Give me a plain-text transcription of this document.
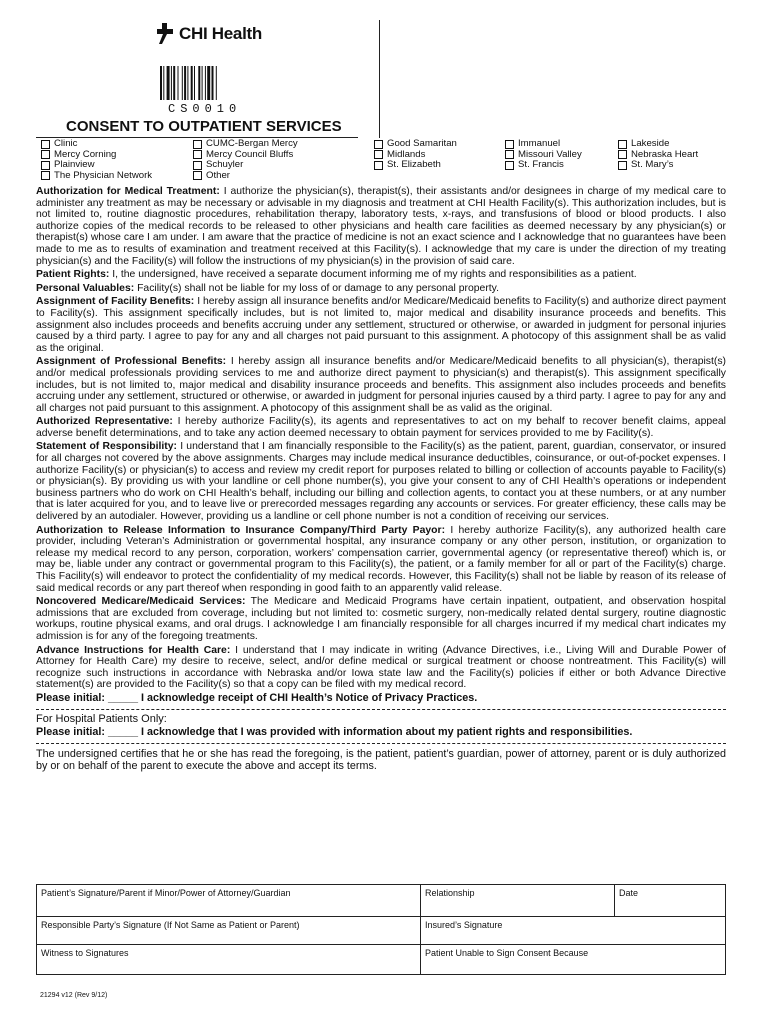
CHI Health
CS0010
CONSENT TO OUTPATIENT SERVICES
Clinic
Mercy Corning
Plainview
The Physician Network
CUMC-Bergan Mercy
Mercy Council Bluffs
Schuyler
Other
Good Samaritan
Midlands
St. Elizabeth
Immanuel
Missouri Valley
St. Francis
Lakeside
Nebraska Heart
St. Mary’s

Authorization for Medical Treatment: I authorize the physician(s), therapist(s), their assistants and/or designees in charge of my medical care to administer any treatment as may be necessary or advisable in my diagnosis and treatment at CHI Health Facility(s). This authorization includes, but is not limited to, routine diagnostic procedures, rehabilitation therapy, laboratory tests, x-rays, and transfusions of blood or blood products. I also authorize copies of the medical records to be released to other physicians and health care facilities as deemed necessary by any physician(s) or therapist(s) whose care I am under. I am aware that the practice of medicine is not an exact science and I acknowledge that no guarantees have been made to me as to results of examination and treatment received at this Facility(s). I acknowledge that my care is under the direction of my treating physician(s) and the Facility(s) will follow the instructions of my physician(s) in the provision of said care.

Patient Rights: I, the undersigned, have received a separate document informing me of my rights and responsibilities as a patient.

Personal Valuables: Facility(s) shall not be liable for my loss of or damage to any personal property.

Assignment of Facility Benefits: I hereby assign all insurance benefits and/or Medicare/Medicaid benefits to Facility(s) and authorize direct payment to Facility(s). This assignment specifically includes, but is not limited to, major medical and disability insurance proceeds and benefits. This assignment also includes proceeds and benefits accruing under any settlement, structured or otherwise, or awarded in judgment for personal injuries caused by a third party. I agree to pay for any and all charges not paid pursuant to this assignment. A photocopy of this assignment shall be as valid as the original.

Assignment of Professional Benefits: I hereby assign all insurance benefits and/or Medicare/Medicaid benefits to all physician(s), therapist(s) and/or medical professionals providing services to me and authorize direct payment to physician(s) and therapist(s). This assignment specifically includes, but is not limited to, major medical and disability insurance proceeds and benefits. This assignment also includes proceeds and benefits accruing under any settlement, structured or otherwise, or awarded in judgment for personal injuries caused by a third party. I agree to pay for any and all charges not paid pursuant to this assignment. A photocopy of this assignment shall be as valid as the original.

Authorized Representative: I hereby authorize Facility(s), its agents and representatives to act on my behalf to recover benefit claims, appeal adverse benefit determinations, and to take any action deemed necessary to obtain payment for services provided to me by Facility(s).

Statement of Responsibility: I understand that I am financially responsible to the Facility(s) as the patient, parent, guardian, conservator, or insured for all charges not covered by the above assignments. Charges may include medical insurance deductibles, coinsurance, or out-of-pocket expenses. I authorize Facility(s) or physician(s) to access and review my credit report for purposes related to billing or collection of accounts payable to Facility(s) or physician(s). By providing us with your landline or cell phone number(s), you give your consent to any of CHI Health’s operations or independent business partners who do work on CHI Health’s behalf, including our billing and collection agents, to contact you at these numbers, or at any number that is later acquired for you, and to leave live or prerecorded messages regarding any accounts or services. For greater efficiency, these calls may be delivered by an autodialer. However, providing us a landline or cell phone number is not a condition of receiving our services.

Authorization to Release Information to Insurance Company/Third Party Payor: I hereby authorize Facility(s), any authorized health care provider, including Veteran’s Administration or governmental hospital, any insurance company or any other person, institution, or organization to release my medical record to any person, corporation, workers’ compensation carrier, governmental agency (or representative thereof) which is, or may be, liable under any contract or governmental program to this Facility(s), the patient, or a family member for all or part of the Facility(s) charge. This Facility(s) will endeavor to protect the confidentiality of my medical records. However, this Facility(s) shall not be liable by reason of its release of said medical records or any part thereof when responding in good faith to an apparently valid release.

Noncovered Medicare/Medicaid Services: The Medicare and Medicaid Programs have certain inpatient, outpatient, and observation hospital admissions that are excluded from coverage, including but not limited to: cosmetic surgery, non-medically related dental surgery, routine diagnostic workups, routine physical exams, and oral drugs. I acknowledge I am financially responsible for all charges incurred if my medical chart indicates my admission is for any of the foregoing treatments.

Advance Instructions for Health Care: I understand that I may indicate in writing (Advance Directives, i.e., Living Will and Durable Power of Attorney for Health Care) my desire to receive, select, and/or define medical or surgical treatment or choose nontreatment. This Facility(s) will recognize such instructions in accordance with Nebraska and/or Iowa state law and the Facility(s) policies if either or both Advance Directive statement(s) are provided to the Facility(s) so that a copy can be filed with my medical record.

Please initial: _____ I acknowledge receipt of CHI Health’s Notice of Privacy Practices.

For Hospital Patients Only:

Please initial: _____ I acknowledge that I was provided with information about my patient rights and responsibilities.

The undersigned certifies that he or she has read the foregoing, is the patient, patient’s guardian, power of attorney, parent or is duly authorized by or on behalf of the parent to execute the above and accept its terms.

Patient’s Signature/Parent if Minor/Power of Attorney/Guardian	Relationship	Date
Responsible Party’s Signature (If Not Same as Patient or Parent)	Insured’s Signature	
Witness to Signatures	Patient Unable to Sign Consent Because	
21294 v12 (Rev 9/12)
